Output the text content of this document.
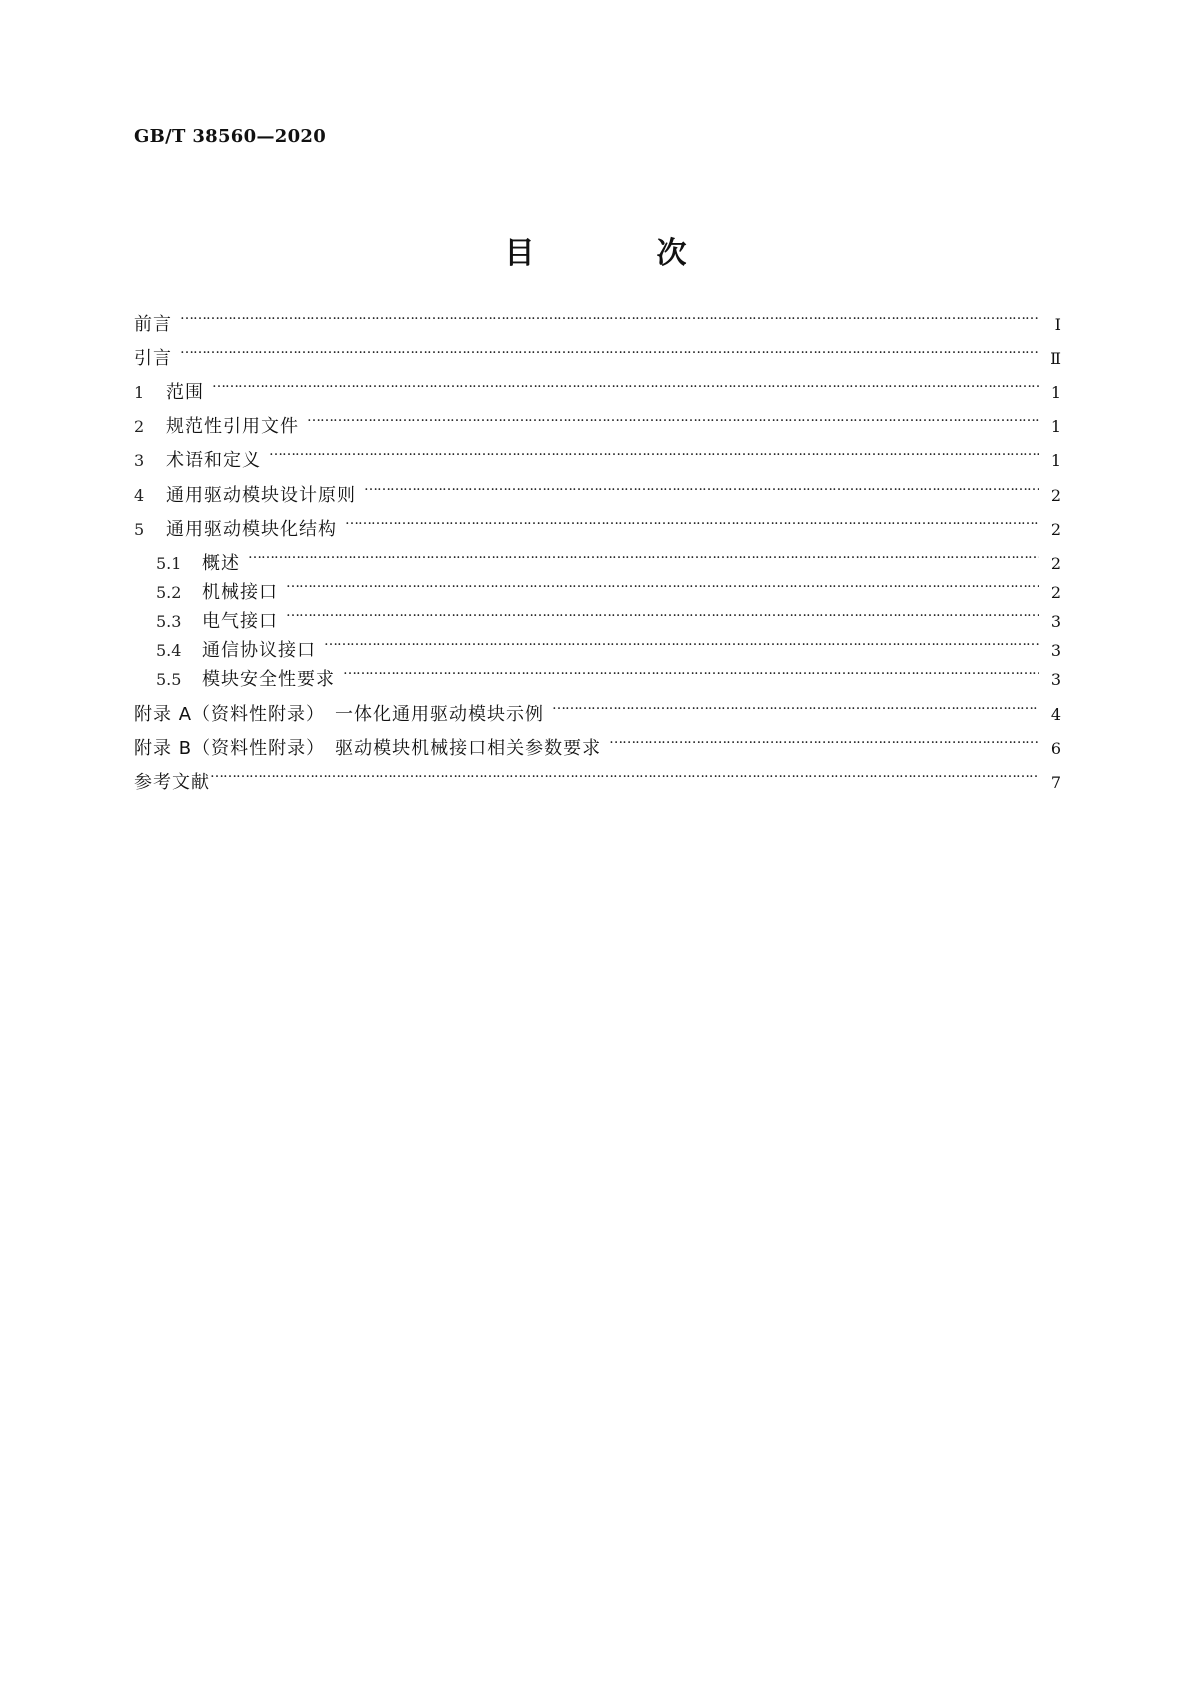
GB/T 38560—2020
目　次
前言 ……………………………………………………………………………………………………………………………………………………………………………………………………………	Ⅰ
引言 ……………………………………………………………………………………………………………………………………………………………………………………………………………	Ⅱ
1	范围 ……………………………………………………………………………………………………………………………………………………………………………………………………………	1
2	规范性引用文件 ……………………………………………………………………………………………………………………………………………………………………………………………………………	1
3	术语和定义 ……………………………………………………………………………………………………………………………………………………………………………………………………………	1
4	通用驱动模块设计原则 ……………………………………………………………………………………………………………………………………………………………………………………………………………	2
5	通用驱动模块化结构 ……………………………………………………………………………………………………………………………………………………………………………………………………………	2
5.1	概述 ……………………………………………………………………………………………………………………………………………………………………………………………………………	2
5.2	机械接口 ……………………………………………………………………………………………………………………………………………………………………………………………………………	2
5.3	电气接口 ……………………………………………………………………………………………………………………………………………………………………………………………………………	3
5.4	通信协议接口 ……………………………………………………………………………………………………………………………………………………………………………………………………………	3
5.5	模块安全性要求 ……………………………………………………………………………………………………………………………………………………………………………………………………………	3
附录 A（资料性附录）　一体化通用驱动模块示例 ……………………………………………………………………………………………………………………………………………………………………………………………………………	4
附录 B（资料性附录）　驱动模块机械接口相关参数要求 ……………………………………………………………………………………………………………………………………………………………………………………………………………	6
参考文献 ……………………………………………………………………………………………………………………………………………………………………………………………………………	7
